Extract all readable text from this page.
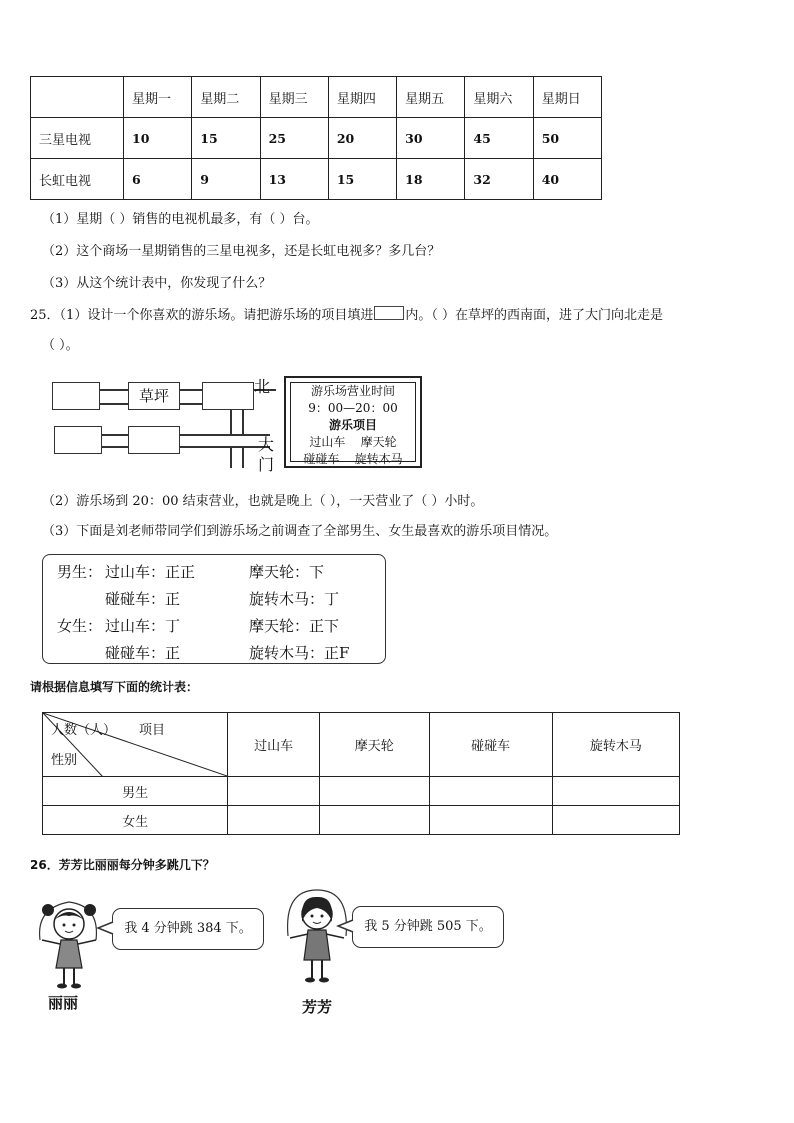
	星期一	星期二	星期三	星期四	星期五	星期六	星期日
三星电视	10	15	25	20	30	45	50
长虹电视	6	9	13	15	18	32	40
（1）星期（ ）销售的电视机最多，有（ ）台。
（2）这个商场一星期销售的三星电视多，还是长虹电视多？多几台？
（3）从这个统计表中，你发现了什么？
25．（1）设计一个你喜欢的游乐场。请把游乐场的项目填进 内。（ ）在草坪的西南面，进了大门向北走是
（ ）。
草坪	北
大
门
游乐场营业时间
9：00—20：00
游乐项目
过山车    摩天轮
碰碰车    旋转木马
（2）游乐场到 20：00 结束营业，也就是晚上（ ），一天营业了（ ）小时。
（3）下面是刘老师带同学们到游乐场之前调查了全部男生、女生最喜欢的游乐项目情况。
男生： 过山车：正正	摩天轮：下
碰碰车：正	旋转木马：丁
女生： 过山车：丁	摩天轮：正下
碰碰车：正	旋转木马：正F
请根据信息填写下面的统计表：
人数（人） 项目
性别	过山车	摩天轮	碰碰车	旋转木马
男生				
女生				
26．芳芳比丽丽每分钟多跳几下？
丽丽
我 4 分钟跳 384 下。
芳芳
我 5 分钟跳 505 下。
